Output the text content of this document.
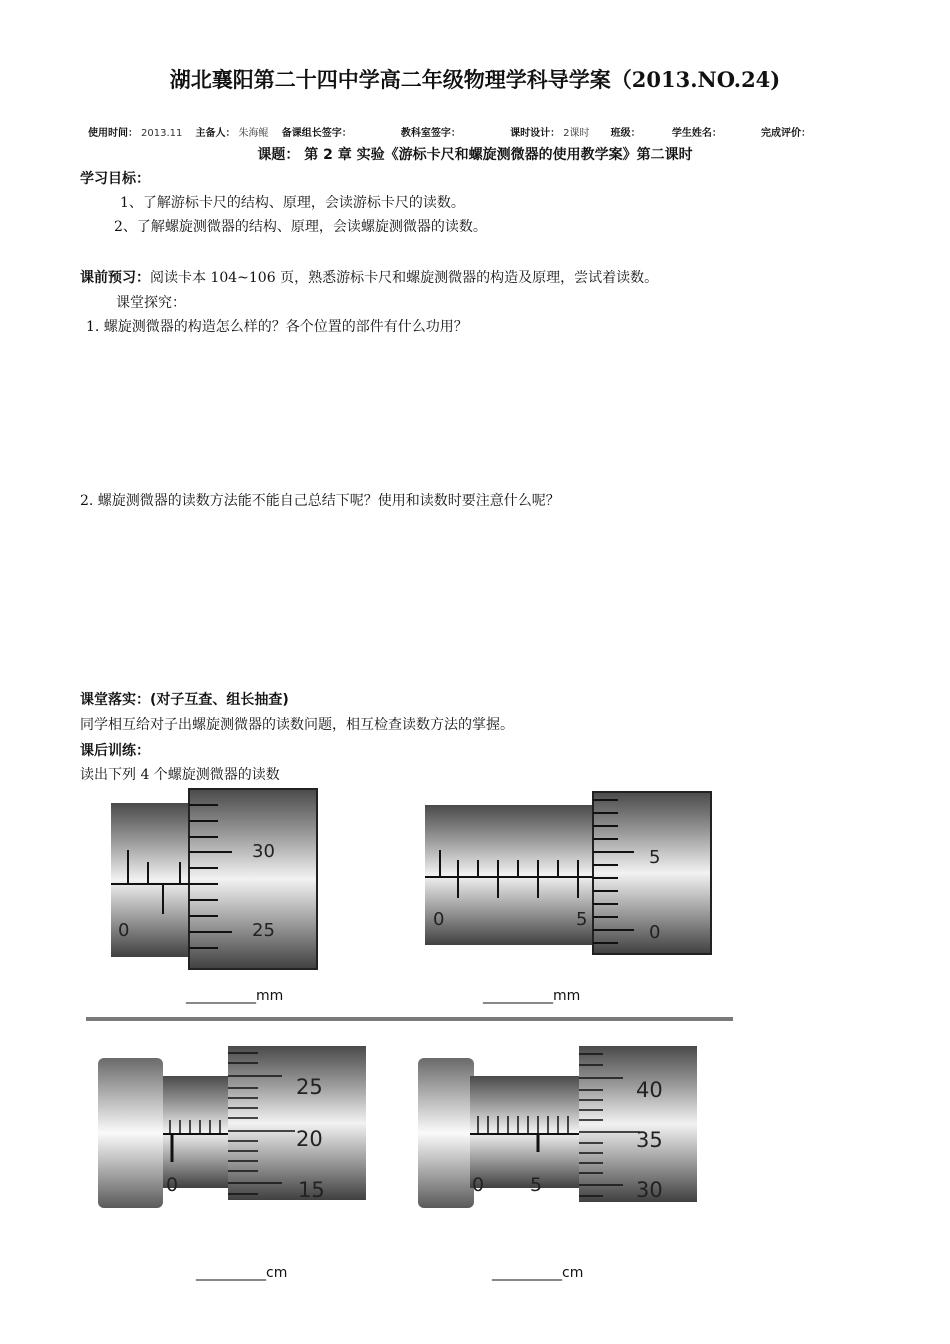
湖北襄阳第二十四中学高二年级物理学科导学案（2013.NO.24)
使用时间： 2013.11 主备人： 朱海鲲 备课组长签字：	教科室签字：	课时设计： 2课时 班级：	学生姓名：	完成评价：
课题： 第 2 章 实验《游标卡尺和螺旋测微器的使用教学案》第二课时
学习目标：
1、了解游标卡尺的结构、原理，会读游标卡尺的读数。
2、了解螺旋测微器的结构、原理，会读螺旋测微器的读数。
课前预习：阅读卡本 104~106 页，熟悉游标卡尺和螺旋测微器的构造及原理，尝试着读数。
课堂探究：
1. 螺旋测微器的构造怎么样的？各个位置的部件有什么功用？
2. 螺旋测微器的读数方法能不能自己总结下呢？使用和读数时要注意什么呢？
课堂落实：(对子互查、组长抽查)
同学相互给对子出螺旋测微器的读数问题，相互检查读数方法的掌握。
课后训练：
读出下列 4 个螺旋测微器的读数
30
25
0
5
0
0	5
__________mm	__________mm
25
20
15
0
40
35
30
0 5
__________cm	__________cm
